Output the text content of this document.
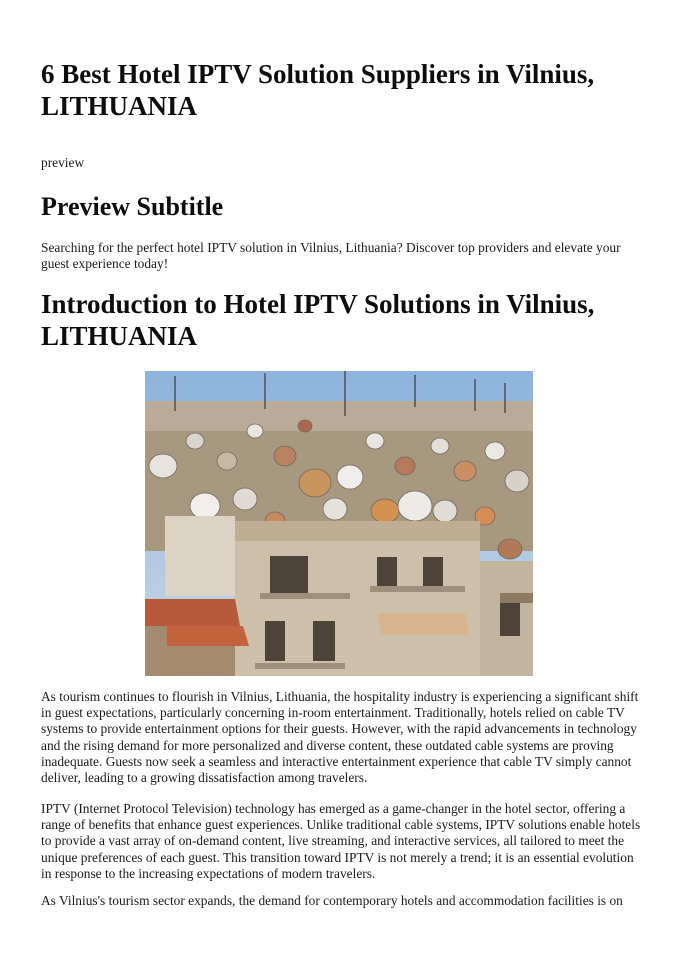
6 Best Hotel IPTV Solution Suppliers in Vilnius, LITHUANIA

preview

Preview Subtitle

Searching for the perfect hotel IPTV solution in Vilnius, Lithuania? Discover top providers and elevate your guest experience today!

Introduction to Hotel IPTV Solutions in Vilnius, LITHUANIA

As tourism continues to flourish in Vilnius, Lithuania, the hospitality industry is experiencing a significant shift in guest expectations, particularly concerning in-room entertainment. Traditionally, hotels relied on cable TV systems to provide entertainment options for their guests. However, with the rapid advancements in technology and the rising demand for more personalized and diverse content, these outdated cable systems are proving inadequate. Guests now seek a seamless and interactive entertainment experience that cable TV simply cannot deliver, leading to a growing dissatisfaction among travelers.

IPTV (Internet Protocol Television) technology has emerged as a game-changer in the hotel sector, offering a range of benefits that enhance guest experiences. Unlike traditional cable systems, IPTV solutions enable hotels to provide a vast array of on-demand content, live streaming, and interactive services, all tailored to meet the unique preferences of each guest. This transition toward IPTV is not merely a trend; it is an essential evolution in response to the increasing expectations of modern travelers.

As Vilnius's tourism sector expands, the demand for contemporary hotels and accommodation facilities is on
